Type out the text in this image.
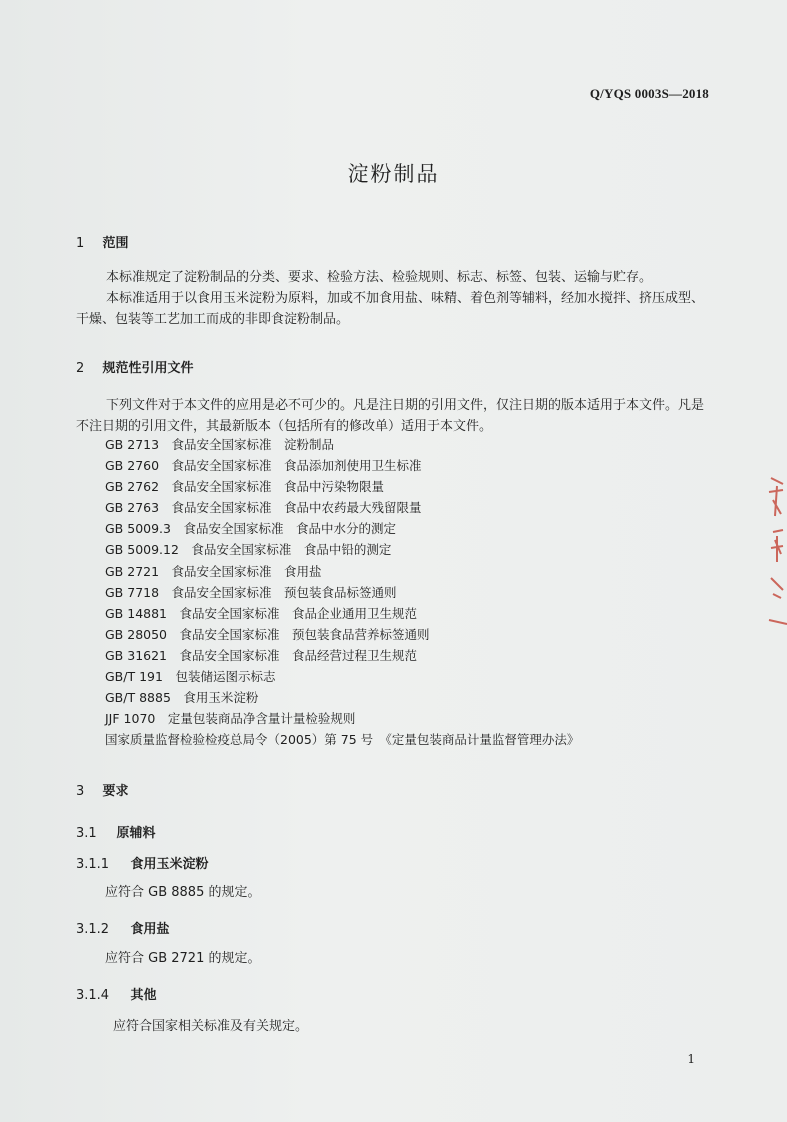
Q/YQS 0003S—2018
淀粉制品
1 范围
本标准规定了淀粉制品的分类、要求、检验方法、检验规则、标志、标签、包装、运输与贮存。
本标准适用于以食用玉米淀粉为原料，加或不加食用盐、味精、着色剂等辅料，经加水搅拌、挤压成型、干燥、包装等工艺加工而成的非即食淀粉制品。
2 规范性引用文件
下列文件对于本文件的应用是必不可少的。凡是注日期的引用文件，仅注日期的版本适用于本文件。凡是不注日期的引用文件，其最新版本（包括所有的修改单）适用于本文件。
GB 2713　食品安全国家标准　淀粉制品
GB 2760　食品安全国家标准　食品添加剂使用卫生标准
GB 2762　食品安全国家标准　食品中污染物限量
GB 2763　食品安全国家标准　食品中农药最大残留限量
GB 5009.3　食品安全国家标准　食品中水分的测定
GB 5009.12　食品安全国家标准　食品中铅的测定
GB 2721　食品安全国家标准　食用盐
GB 7718　食品安全国家标准　预包装食品标签通则
GB 14881　食品安全国家标准　食品企业通用卫生规范
GB 28050　食品安全国家标准　预包装食品营养标签通则
GB 31621　食品安全国家标准　食品经营过程卫生规范
GB/T 191　包装储运图示标志
GB/T 8885　食用玉米淀粉
JJF 1070　定量包装商品净含量计量检验规则
国家质量监督检验检疫总局令（2005）第 75 号　《定量包装商品计量监督管理办法》
3 要求
3.1 原辅料
3.1.1 食用玉米淀粉
应符合 GB 8885 的规定。
3.1.2 食用盐
应符合 GB 2721 的规定。
3.1.4 其他
应符合国家相关标准及有关规定。
1
